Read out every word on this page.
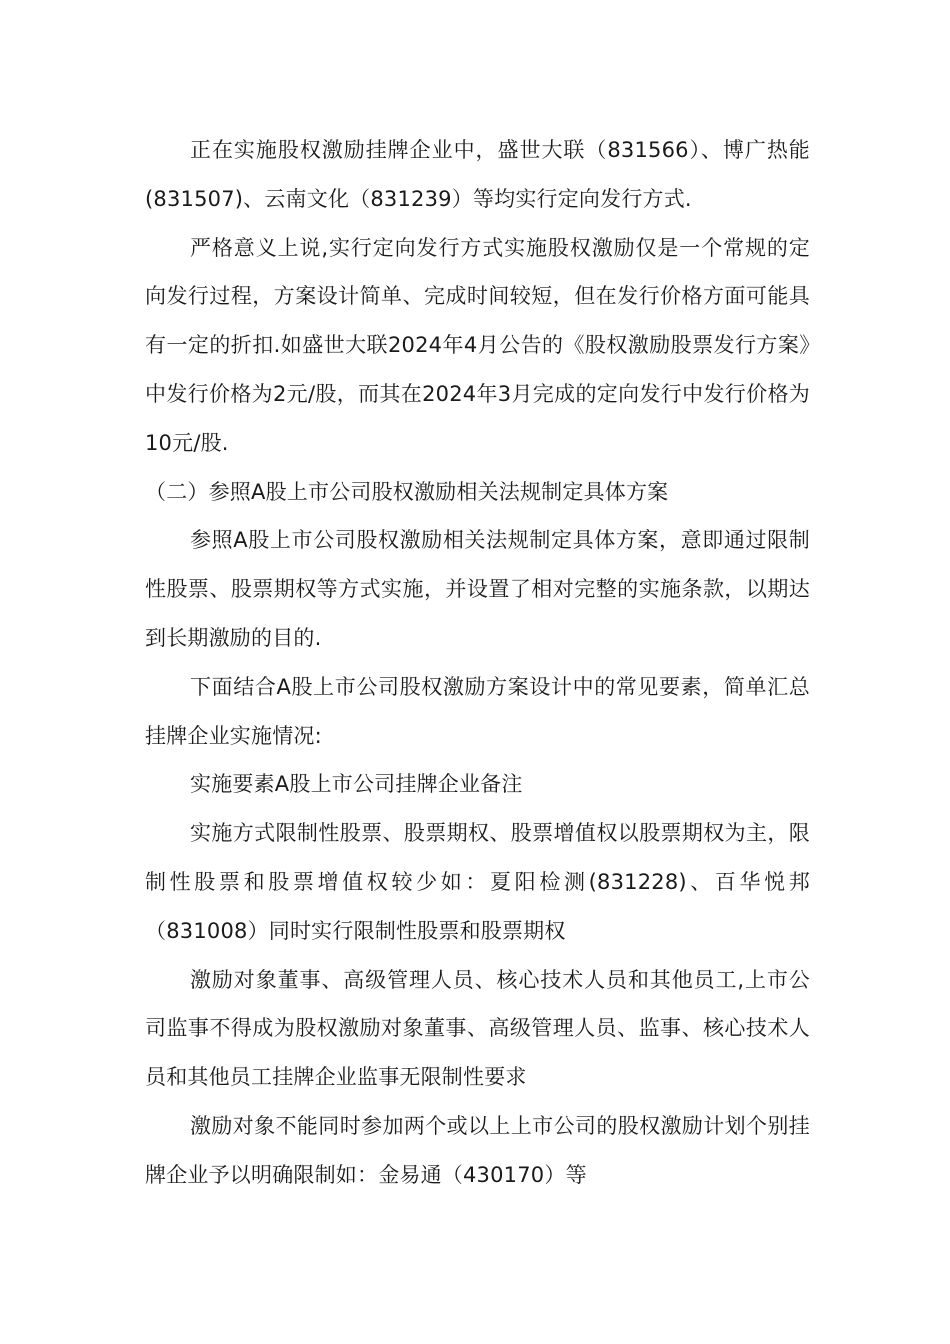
正在实施股权激励挂牌企业中，盛世大联（831566）、博广热能(831507)、云南文化（831239）等均实行定向发行方式.

严格意义上说,实行定向发行方式实施股权激励仅是一个常规的定向发行过程，方案设计简单、完成时间较短，但在发行价格方面可能具有一定的折扣.如盛世大联2024年4月公告的《股权激励股票发行方案》中发行价格为2元/股，而其在2024年3月完成的定向发行中发行价格为10元/股.

（二）参照A股上市公司股权激励相关法规制定具体方案

参照A股上市公司股权激励相关法规制定具体方案，意即通过限制性股票、股票期权等方式实施，并设置了相对完整的实施条款，以期达到长期激励的目的.

下面结合A股上市公司股权激励方案设计中的常见要素，简单汇总挂牌企业实施情况:

实施要素A股上市公司挂牌企业备注

实施方式限制性股票、股票期权、股票增值权以股票期权为主，限制性股票和股票增值权较少如：夏阳检测(831228)、百华悦邦（831008）同时实行限制性股票和股票期权

激励对象董事、高级管理人员、核心技术人员和其他员工,上市公司监事不得成为股权激励对象董事、高级管理人员、监事、核心技术人员和其他员工挂牌企业监事无限制性要求

激励对象不能同时参加两个或以上上市公司的股权激励计划个别挂牌企业予以明确限制如：金易通（430170）等
